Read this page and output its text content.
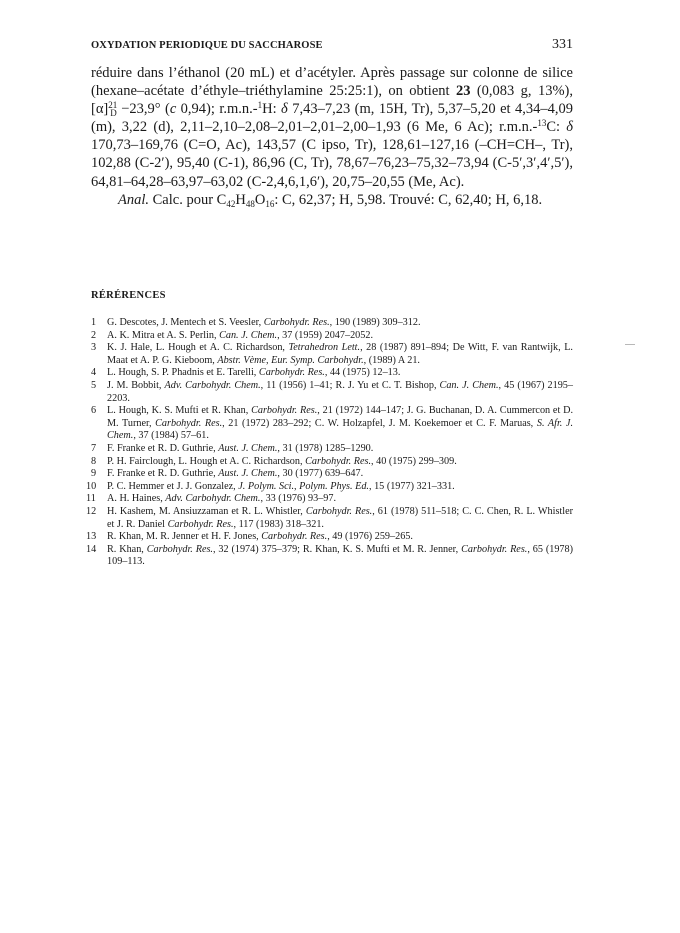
OXYDATION PERIODIQUE DU SACCHAROSE	331

réduire dans l’éthanol (20 mL) et d’acétyler. Après passage sur colonne de silice (hexane–acétate d’éthyle–triéthylamine 25:25:1), on obtient 23 (0,083 g, 13%), $[\alpha]^{21}_D -23,9^\circ$ (c 0,94); r.m.n.-$^1$H: δ 7,43–7,23 (m, 15H, Tr), 5,37–5,20 et 4,34–4,09 (m), 3,22 (d), 2,11–2,10–2,08–2,01–2,01–2,00–1,93 (6 Me, 6 Ac); r.m.n.-$^{13}$C: δ 170,73–169,76 (C=O, Ac), 143,57 (C ipso, Tr), 128,61–127,16 (–CH=CH–, Tr), 102,88 (C-2′), 95,40 (C-1), 86,96 (C, Tr), 78,67–76,23–75,32–73,94 (C-5′,3′,4′,5′), 64,81–64,28–63,97–63,02 (C-2,4,6,1,6′), 20,75–20,55 (Me, Ac).

Anal. Calc. pour $C_{42}H_{48}O_{16}$: C, 62,37; H, 5,98. Trouvé: C, 62,40; H, 6,18.

RÉRÉRENCES
1	G. Descotes, J. Mentech et S. Veesler, Carbohydr. Res., 190 (1989) 309–312.
2	A. K. Mitra et A. S. Perlin, Can. J. Chem., 37 (1959) 2047–2052.
3	K. J. Hale, L. Hough et A. C. Richardson, Tetrahedron Lett., 28 (1987) 891–894; De Witt, F. van Rantwijk, L. Maat et A. P. G. Kieboom, Abstr. Vème, Eur. Symp. Carbohydr., (1989) A 21.
4	L. Hough, S. P. Phadnis et E. Tarelli, Carbohydr. Res., 44 (1975) 12–13.
5	J. M. Bobbit, Adv. Carbohydr. Chem., 11 (1956) 1–41; R. J. Yu et C. T. Bishop, Can. J. Chem., 45 (1967) 2195–2203.
6	L. Hough, K. S. Mufti et R. Khan, Carbohydr. Res., 21 (1972) 144–147; J. G. Buchanan, D. A. Cummercon et D. M. Turner, Carbohydr. Res., 21 (1972) 283–292; C. W. Holzapfel, J. M. Koekemoer et C. F. Maruas, S. Afr. J. Chem., 37 (1984) 57–61.
7	F. Franke et R. D. Guthrie, Aust. J. Chem., 31 (1978) 1285–1290.
8	P. H. Fairclough, L. Hough et A. C. Richardson, Carbohydr. Res., 40 (1975) 299–309.
9	F. Franke et R. D. Guthrie, Aust. J. Chem., 30 (1977) 639–647.
10 P. C. Hemmer et J. J. Gonzalez, J. Polym. Sci., Polym. Phys. Ed., 15 (1977) 321–331.
11 A. H. Haines, Adv. Carbohydr. Chem., 33 (1976) 93–97.
12 H. Kashem, M. Ansiuzzaman et R. L. Whistler, Carbohydr. Res., 61 (1978) 511–518; C. C. Chen, R. L. Whistler et J. R. Daniel Carbohydr. Res., 117 (1983) 318–321.
13 R. Khan, M. R. Jenner et H. F. Jones, Carbohydr. Res., 49 (1976) 259–265.
14 R. Khan, Carbohydr. Res., 32 (1974) 375–379; R. Khan, K. S. Mufti et M. R. Jenner, Carbohydr. Res., 65 (1978) 109–113.
